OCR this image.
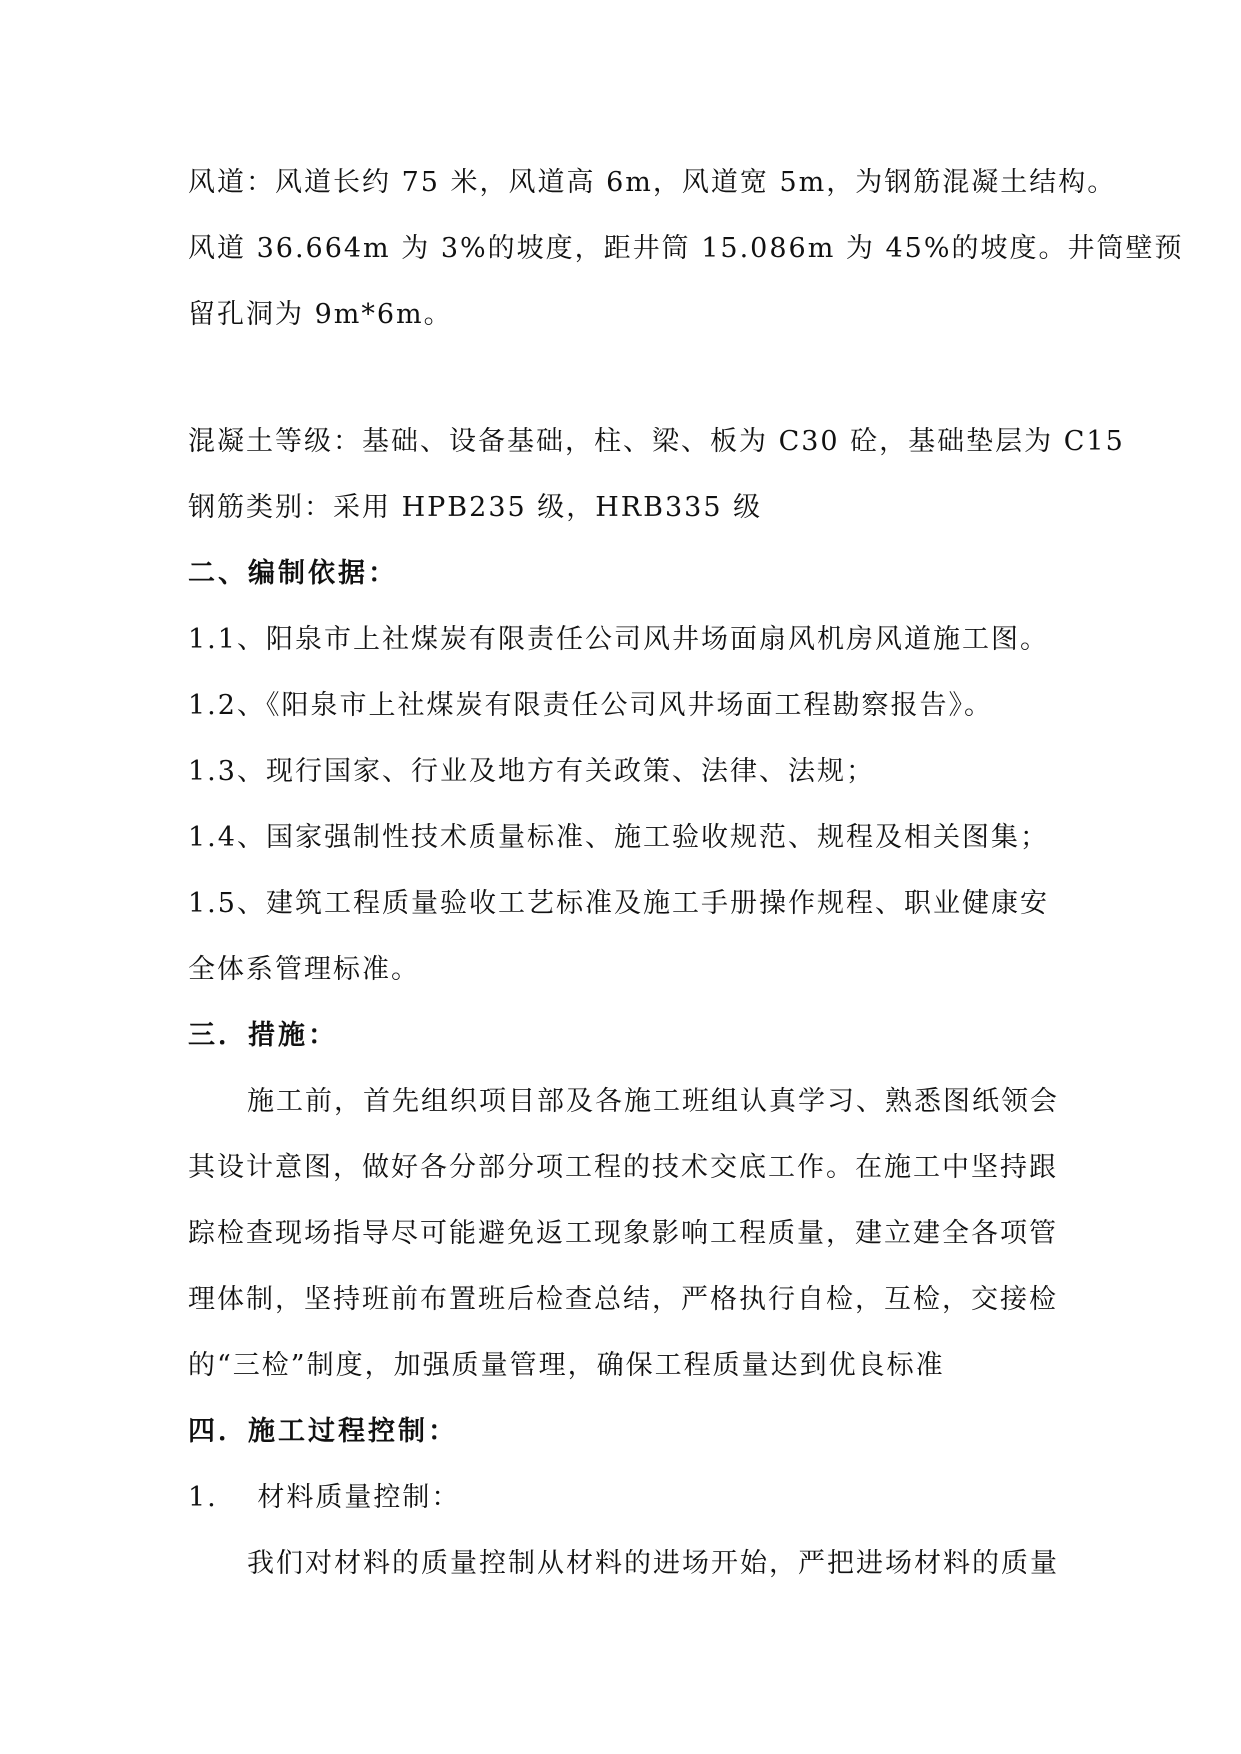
风道：风道长约 75 米，风道高 6m，风道宽 5m，为钢筋混凝土结构。
风道 36.664m 为 3%的坡度，距井筒 15.086m 为 45%的坡度。井筒壁预
留孔洞为 9m*6m。
混凝土等级：基础、设备基础，柱、梁、板为 C30 砼，基础垫层为 C15
钢筋类别：采用 HPB235 级，HRB335 级
二、编制依据：
1.1、阳泉市上社煤炭有限责任公司风井场面扇风机房风道施工图。
1.2、《阳泉市上社煤炭有限责任公司风井场面工程勘察报告》。
1.3、现行国家、行业及地方有关政策、法律、法规；
1.4、国家强制性技术质量标准、施工验收规范、规程及相关图集；
1.5、建筑工程质量验收工艺标准及施工手册操作规程、职业健康安
全体系管理标准。
三．措施：
施工前，首先组织项目部及各施工班组认真学习、熟悉图纸领会
其设计意图，做好各分部分项工程的技术交底工作。在施工中坚持跟
踪检查现场指导尽可能避免返工现象影响工程质量，建立建全各项管
理体制，坚持班前布置班后检查总结，严格执行自检，互检，交接检
的“三检”制度，加强质量管理，确保工程质量达到优良标准
四．施工过程控制：
1.　 材料质量控制：
我们对材料的质量控制从材料的进场开始，严把进场材料的质量
